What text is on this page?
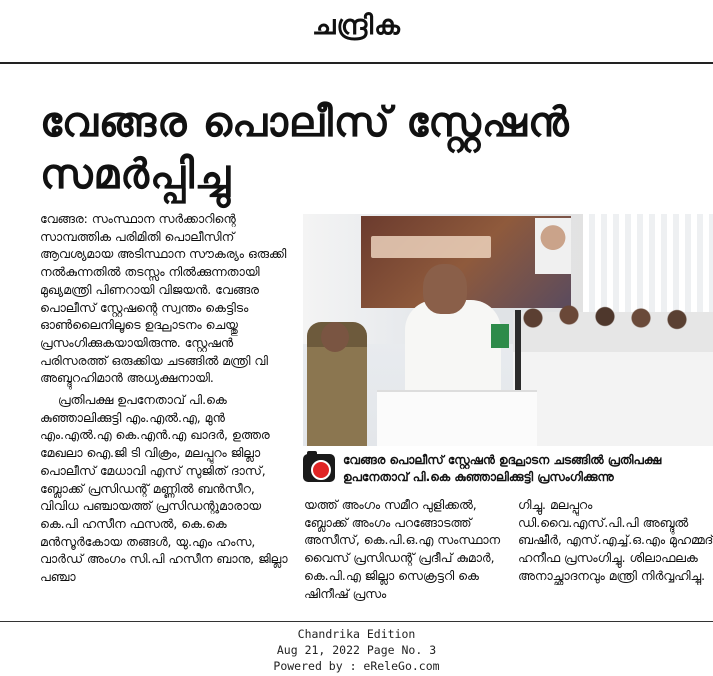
ചന്ദ്രിക
വേങ്ങര പൊലീസ് സ്റ്റേഷൻ സമർപ്പിച്ചു

വേങ്ങര: സംസ്ഥാന സർക്കാറിന്റെ സാമ്പത്തിക പരിമിതി പൊലീസിന് ആവശ്യമായ അടിസ്ഥാന സൗകര്യം ഒരുക്കി നൽകുന്നതിൽ തടസ്സം നിൽക്കുന്നതായി മുഖ്യമന്ത്രി പിണറായി വിജയൻ. വേങ്ങര പൊലീസ് സ്റ്റേഷന്റെ സ്വന്തം കെട്ടിടം ഓൺലൈനിലൂടെ ഉദ്ഘാടനം ചെയ്തു പ്രസംഗിക്കുകയായിരുന്നു. സ്റ്റേഷൻ പരിസരത്ത് ഒരുക്കിയ ചടങ്ങിൽ മന്ത്രി വി അബ്ദുറഹിമാൻ അധ്യക്ഷനായി.

പ്രതിപക്ഷ ഉപനേതാവ് പി.കെ കുഞ്ഞാലിക്കുട്ടി എം.എൽ.എ, മുൻ എം.എൽ.എ കെ.എൻ.എ ഖാദർ, ഉത്തര മേഖലാ ഐ.ജി ടി വിക്രം, മലപ്പുറം ജില്ലാ പൊലീസ് മേധാവി എസ് സുജിത് ദാസ്, ബ്ലോക്ക് പ്രസിഡന്റ് മണ്ണിൽ ബൻസീറ, വിവിധ പഞ്ചായത്ത് പ്രസിഡന്റുമാരായ കെ.പി ഹസീന ഫസൽ, കെ.കെ മൻസൂർകോയ തങ്ങൾ, യു.എം ഹംസ, വാർഡ് അംഗം സി.പി ഹസീന ബാനു, ജില്ലാ പഞ്ചാ

വേങ്ങര പൊലീസ് സ്റ്റേഷൻ ഉദ്ഘാടന ചടങ്ങിൽ പ്രതിപക്ഷ ഉപനേതാവ് പി.കെ കുഞ്ഞാലിക്കുട്ടി പ്രസംഗിക്കുന്നു
യത്ത് അംഗം സമീറ പുളിക്കൽ, ബ്ലോക്ക് അംഗം പറങ്ങോടത്ത് അസീസ്, കെ.പി.ഒ.എ സംസ്ഥാന വൈസ് പ്രസിഡന്റ് പ്രദീപ് കുമാർ, കെ.പി.എ ജില്ലാ സെക്രട്ടറി കെ ഷിനീഷ് പ്രസം
ഗിച്ചു. മലപ്പുറം ഡി.വൈ.എസ്.പി.പി അബ്ദുൽ ബഷീർ, എസ്.എച്ച്.ഒ.എം മുഹമ്മദ് ഹനീഫ പ്രസംഗിച്ചു. ശിലാഫലക അനാച്ഛാദനവും മന്ത്രി നിർവ്വഹിച്ചു.
Chandrika Edition
Aug 21, 2022 Page No. 3
Powered by : eReleGo.com
